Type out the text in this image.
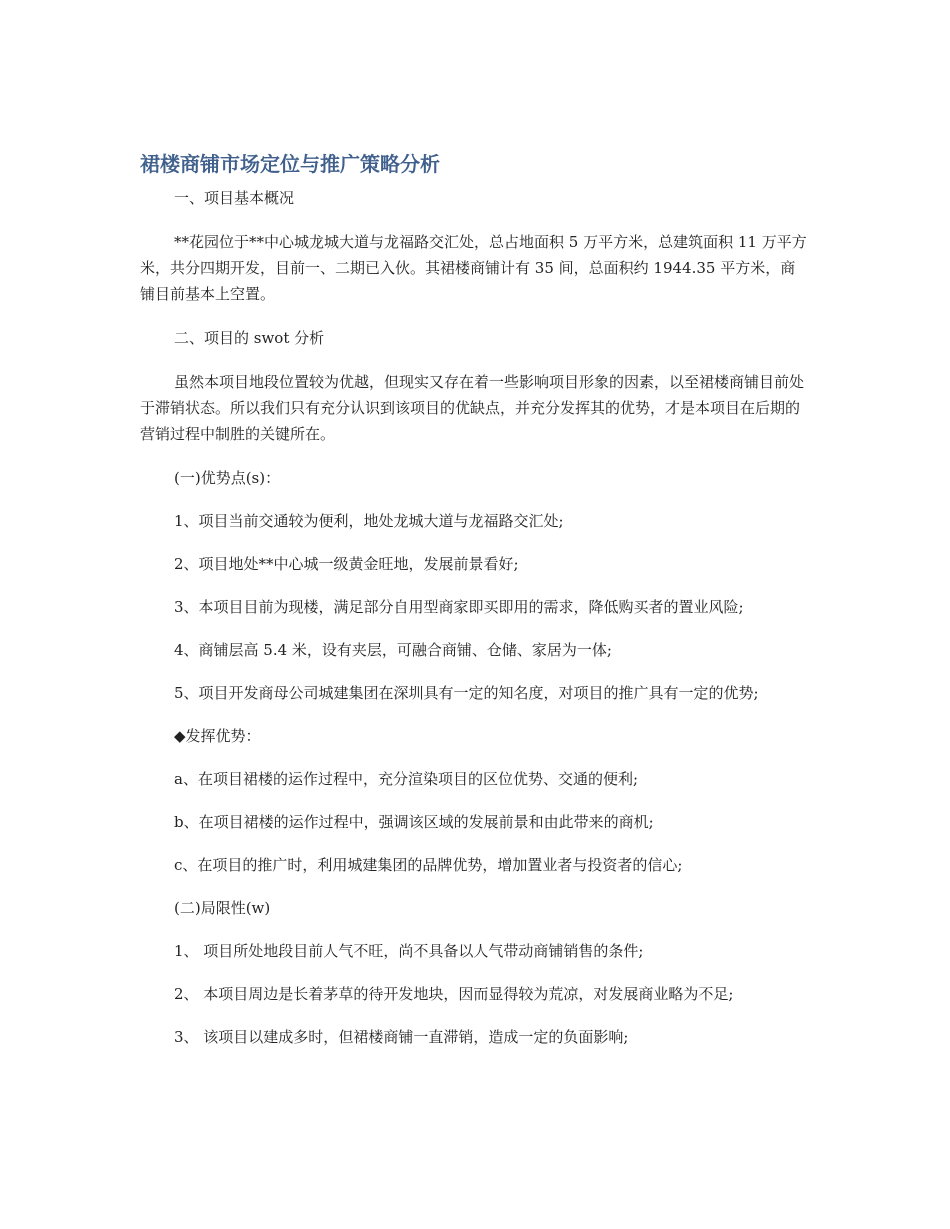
裙楼商铺市场定位与推广策略分析

一、项目基本概况

**花园位于**中心城龙城大道与龙福路交汇处，总占地面积 5 万平方米，总建筑面积 11 万平方米，共分四期开发，目前一、二期已入伙。其裙楼商铺计有 35 间，总面积约 1944.35 平方米，商铺目前基本上空置。

二、项目的 swot 分析

虽然本项目地段位置较为优越，但现实又存在着一些影响项目形象的因素，以至裙楼商铺目前处于滞销状态。所以我们只有充分认识到该项目的优缺点，并充分发挥其的优势，才是本项目在后期的营销过程中制胜的关键所在。

(一)优势点(s)：

1、项目当前交通较为便利，地处龙城大道与龙福路交汇处;

2、项目地处**中心城一级黄金旺地，发展前景看好;

3、本项目目前为现楼，满足部分自用型商家即买即用的需求，降低购买者的置业风险;

4、商铺层高 5.4 米，设有夹层，可融合商铺、仓储、家居为一体;

5、项目开发商母公司城建集团在深圳具有一定的知名度，对项目的推广具有一定的优势;

◆发挥优势：

a、在项目裙楼的运作过程中，充分渲染项目的区位优势、交通的便利;

b、在项目裙楼的运作过程中，强调该区域的发展前景和由此带来的商机;

c、在项目的推广时，利用城建集团的品牌优势，增加置业者与投资者的信心;

(二)局限性(w)

1、 项目所处地段目前人气不旺，尚不具备以人气带动商铺销售的条件;

2、 本项目周边是长着茅草的待开发地块，因而显得较为荒凉，对发展商业略为不足;

3、 该项目以建成多时，但裙楼商铺一直滞销，造成一定的负面影响;
